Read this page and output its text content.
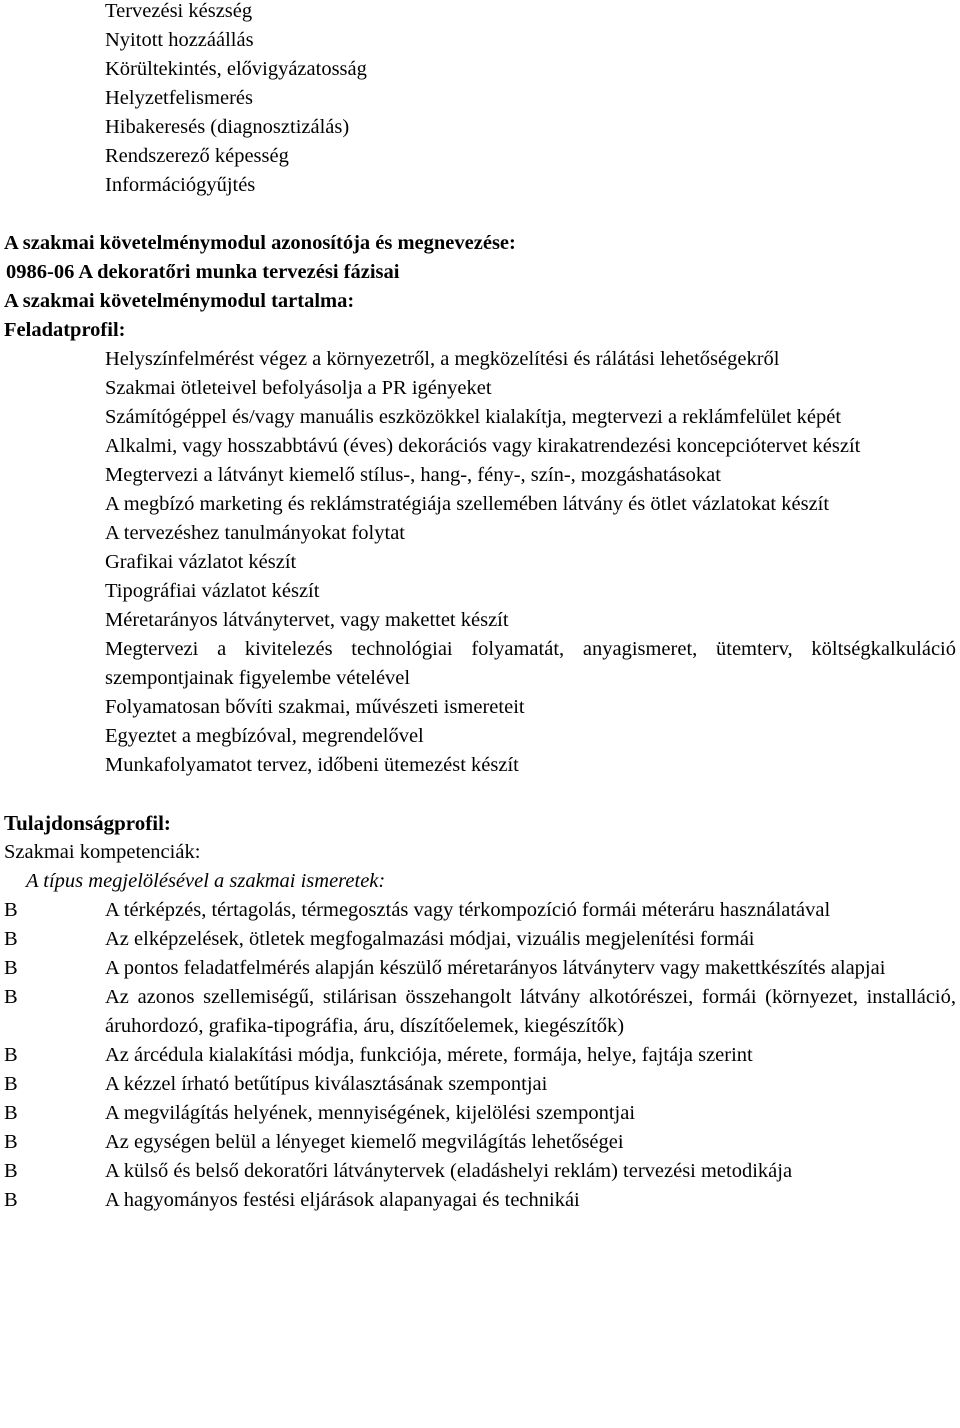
Tervezési készség
Nyitott hozzáállás
Körültekintés, elővigyázatosság
Helyzetfelismerés
Hibakeresés (diagnosztizálás)
Rendszerező képesség
Információgyűjtés
A szakmai követelménymodul azonosítója és megnevezése:
0986-06 A dekoratőri munka tervezési fázisai
A szakmai követelménymodul tartalma:
Feladatprofil:
Helyszínfelmérést végez a környezetről, a megközelítési és rálátási lehetőségekről
Szakmai ötleteivel befolyásolja a PR igényeket
Számítógéppel és/vagy manuális eszközökkel kialakítja, megtervezi a reklámfelület képét
Alkalmi, vagy hosszabbtávú (éves) dekorációs vagy kirakatrendezési koncepciótervet készít
Megtervezi a látványt kiemelő stílus-, hang-, fény-, szín-, mozgáshatásokat
A megbízó marketing és reklámstratégiája szellemében látvány és ötlet vázlatokat készít
A tervezéshez tanulmányokat folytat
Grafikai vázlatot készít
Tipográfiai vázlatot készít
Méretarányos látványtervet, vagy makettet készít
Megtervezi a kivitelezés technológiai folyamatát, anyagismeret, ütemterv, költségkalkuláció szempontjainak figyelembe vételével
Folyamatosan bővíti szakmai, művészeti ismereteit
Egyeztet a megbízóval, megrendelővel
Munkafolyamatot tervez, időbeni ütemezést készít
Tulajdonságprofil:
Szakmai kompetenciák:
A típus megjelölésével a szakmai ismeretek:
B	A térképzés, tértagolás, térmegosztás vagy térkompozíció formái méteráru használatával
B	Az elképzelések, ötletek megfogalmazási módjai, vizuális megjelenítési formái
B	A pontos feladatfelmérés alapján készülő méretarányos látványterv vagy makettkészítés alapjai
B	Az azonos szellemiségű, stilárisan összehangolt látvány alkotórészei, formái (környezet, installáció, áruhordozó, grafika-tipográfia, áru, díszítőelemek, kiegészítők)
B	Az árcédula kialakítási módja, funkciója, mérete, formája, helye, fajtája szerint
B	A kézzel írható betűtípus kiválasztásának szempontjai
B	A megvilágítás helyének, mennyiségének, kijelölési szempontjai
B	Az egységen belül a lényeget kiemelő megvilágítás lehetőségei
B	A külső és belső dekoratőri látványtervek (eladáshelyi reklám) tervezési metodikája
B	A hagyományos festési eljárások alapanyagai és technikái
